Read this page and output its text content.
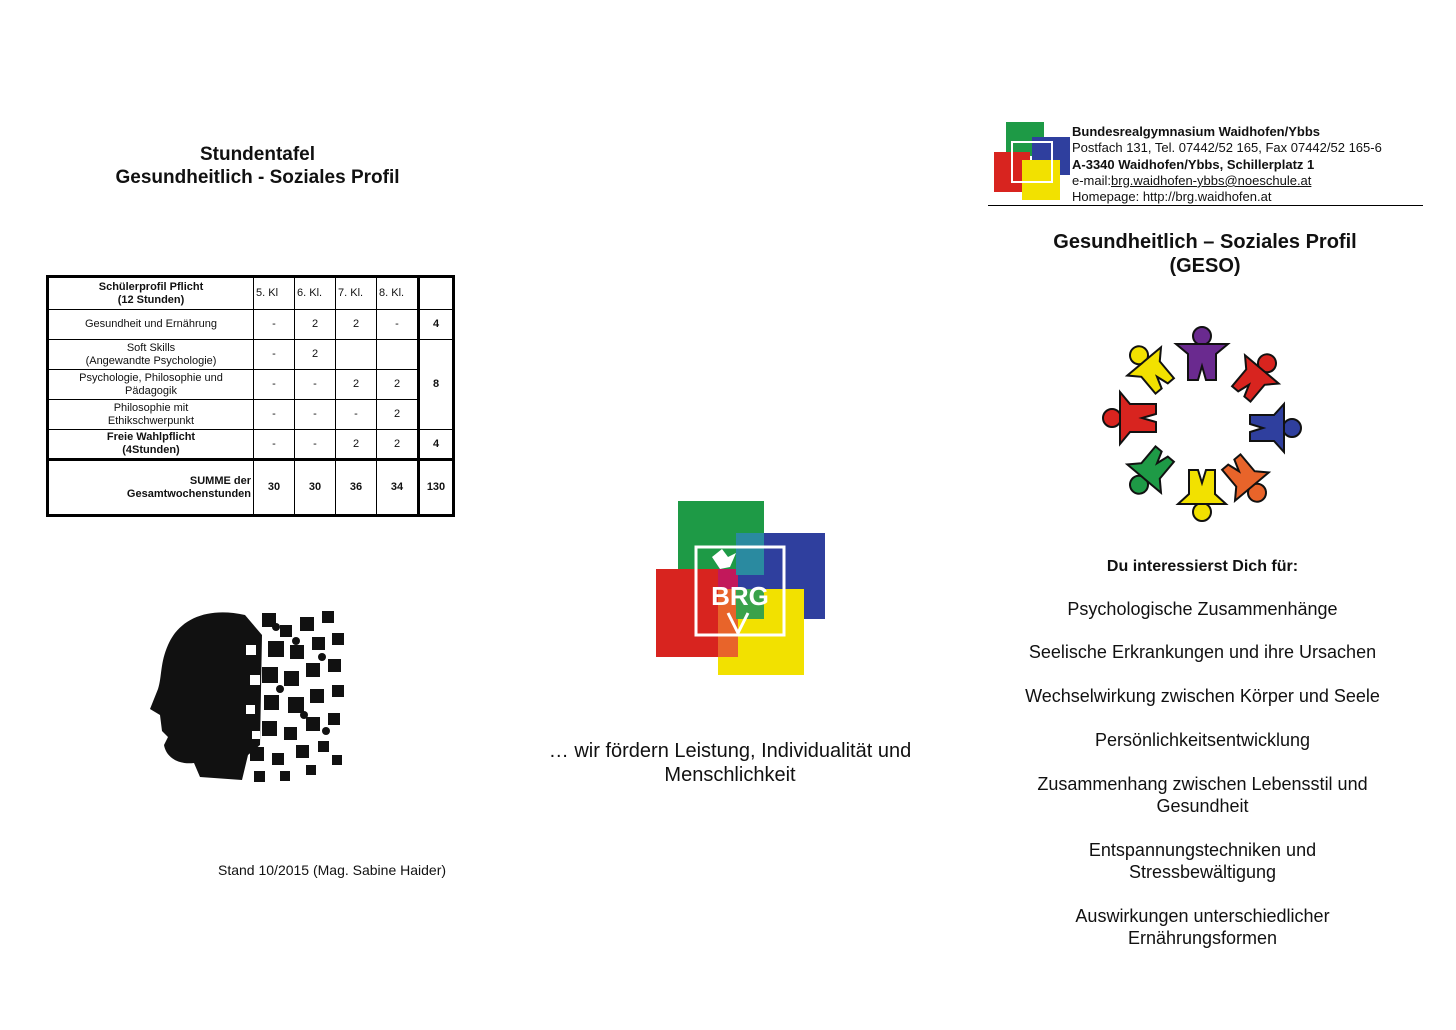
Stundentafel
Gesundheitlich - Soziales Profil
Schülerprofil Pflicht
(12 Stunden)	5. Kl	6. Kl.	7. Kl.	8. Kl.	
Gesundheit und Ernährung	-	2	2	-	4

Soft Skills
(Angewandte Psychologie)	-	2			8

Psychologie, Philosophie und
Pädagogik	-	-	2	2	

Philosophie mit
Ethikschwerpunkt	-	-	-	2	

Freie Wahlpflicht
(4Stunden)	-	-	2	2	4

SUMME der
Gesamtwochenstunden	30	30	36	34	130
Stand 10/2015 (Mag. Sabine Haider)
BRG
… wir fördern Leistung, Individualität und
Menschlichkeit
Bundesrealgymnasium Waidhofen/Ybbs
Postfach 131, Tel. 07442/52 165, Fax 07442/52 165-6
A-3340 Waidhofen/Ybbs, Schillerplatz 1
e-mail:brg.waidhofen-ybbs@noeschule.at
Homepage: http://brg.waidhofen.at
Gesundheitlich – Soziales Profil
(GESO)
Du interessierst Dich für:
Psychologische Zusammenhänge
Seelische Erkrankungen und ihre Ursachen
Wechselwirkung zwischen Körper und Seele
Persönlichkeitsentwicklung
Zusammenhang zwischen Lebensstil und
Gesundheit
Entspannungstechniken und
Stressbewältigung
Auswirkungen unterschiedlicher
Ernährungsformen
